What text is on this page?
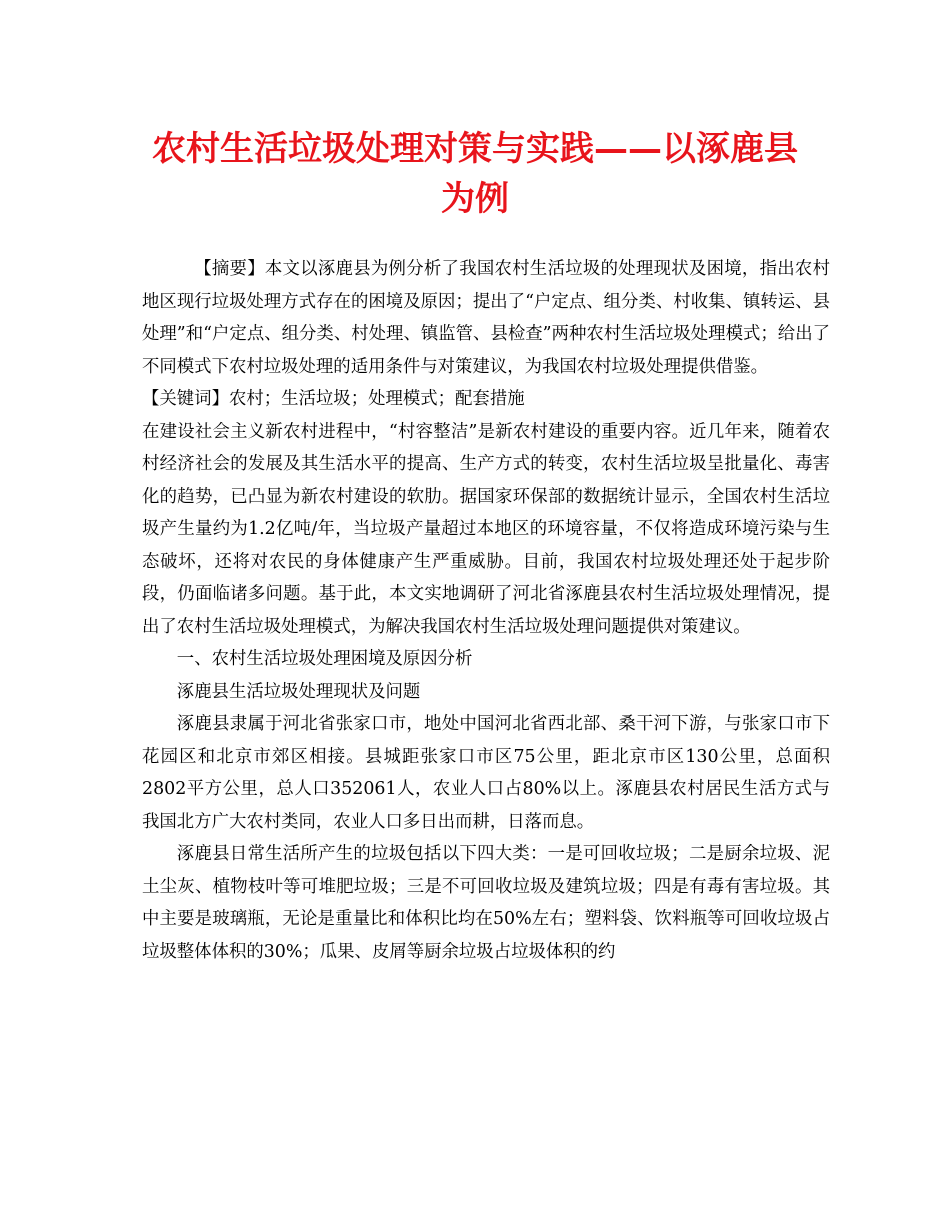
农村生活垃圾处理对策与实践——以涿鹿县
为例

【摘要】本文以涿鹿县为例分析了我国农村生活垃圾的处理现状及困境，指出农村地区现行垃圾处理方式存在的困境及原因；提出了“户定点、组分类、村收集、镇转运、县处理”和“户定点、组分类、村处理、镇监管、县检查”两种农村生活垃圾处理模式；给出了不同模式下农村垃圾处理的适用条件与对策建议，为我国农村垃圾处理提供借鉴。

【关键词】农村；生活垃圾；处理模式；配套措施

在建设社会主义新农村进程中，“村容整洁”是新农村建设的重要内容。近几年来，随着农村经济社会的发展及其生活水平的提高、生产方式的转变，农村生活垃圾呈批量化、毒害化的趋势，已凸显为新农村建设的软肋。据国家环保部的数据统计显示，全国农村生活垃圾产生量约为1.2亿吨/年，当垃圾产量超过本地区的环境容量，不仅将造成环境污染与生态破坏，还将对农民的身体健康产生严重威胁。目前，我国农村垃圾处理还处于起步阶段，仍面临诸多问题。基于此，本文实地调研了河北省涿鹿县农村生活垃圾处理情况，提出了农村生活垃圾处理模式，为解决我国农村生活垃圾处理问题提供对策建议。

一、农村生活垃圾处理困境及原因分析

涿鹿县生活垃圾处理现状及问题

涿鹿县隶属于河北省张家口市，地处中国河北省西北部、桑干河下游，与张家口市下花园区和北京市郊区相接。县城距张家口市区75公里，距北京市区130公里，总面积2802平方公里，总人口352061人，农业人口占80%以上。涿鹿县农村居民生活方式与我国北方广大农村类同，农业人口多日出而耕，日落而息。

涿鹿县日常生活所产生的垃圾包括以下四大类：一是可回收垃圾；二是厨余垃圾、泥土尘灰、植物枝叶等可堆肥垃圾；三是不可回收垃圾及建筑垃圾；四是有毒有害垃圾。其中主要是玻璃瓶，无论是重量比和体积比均在50%左右；塑料袋、饮料瓶等可回收垃圾占垃圾整体体积的30%；瓜果、皮屑等厨余垃圾占垃圾体积的约
